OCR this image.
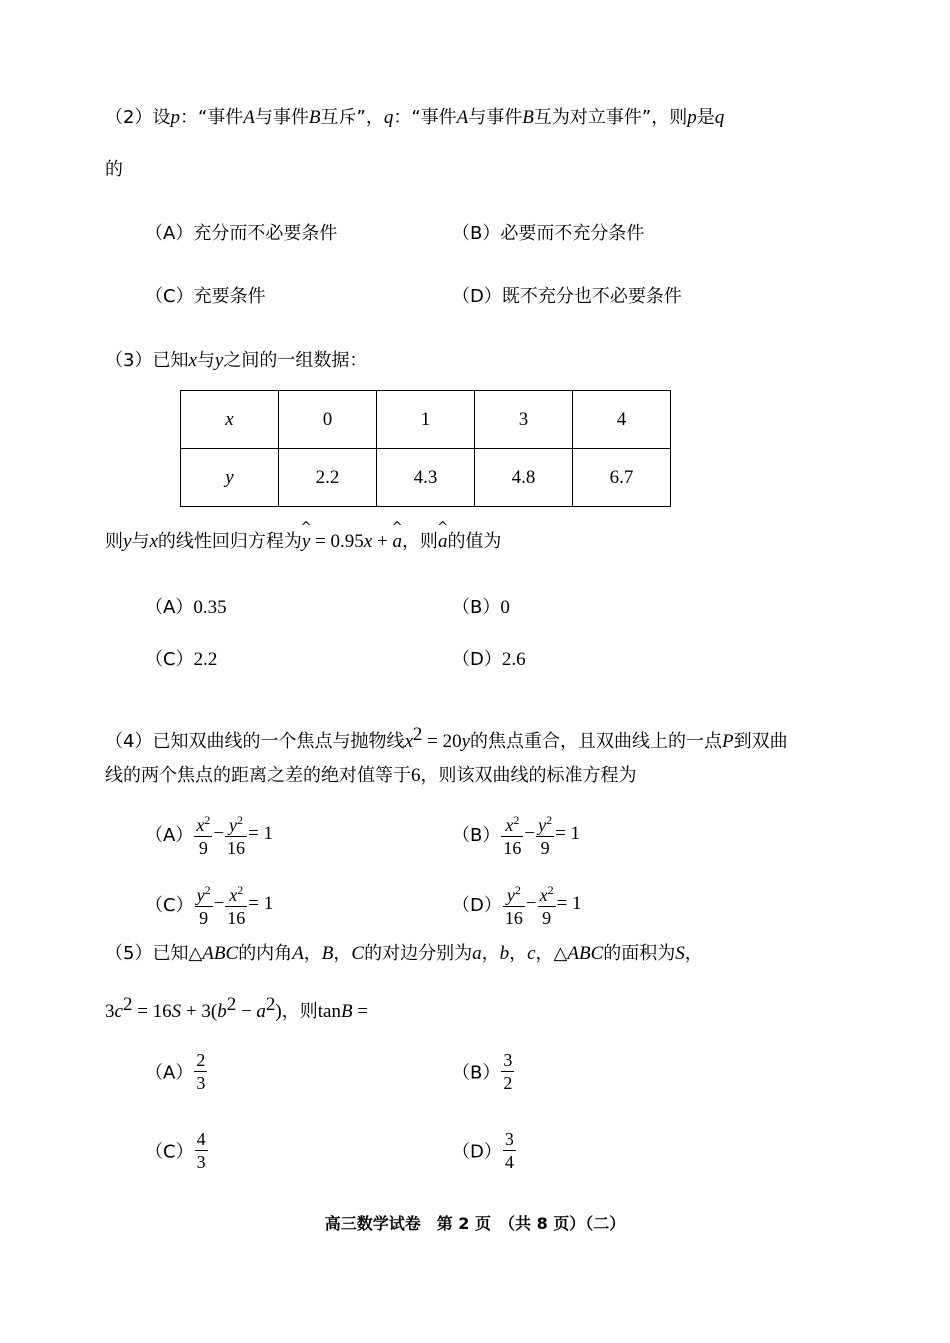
（2）设p：“事件A与事件B互斥”，q：“事件A与事件B互为对立事件”，则p是q
的
（A）充分而不必要条件	（B）必要而不充分条件
（C）充要条件	（D）既不充分也不必要条件
（3）已知x与y之间的一组数据：
x	0	1	3	4
y	2.2	4.3	4.8	6.7
则y与x的线性回归方程为
^
y = 0.95x +
^
a，则
^
a的值为
（A）0.35	（B）0
（C）2.2	（D）2.6
（4）已知双曲线的一个焦点与抛物线$x^2 = 20y$的焦点重合，且双曲线上的一点P到双曲
线的两个焦点的距离之差的绝对值等于6，则该双曲线的标准方程为
$(A) \frac{x^2}{9} - \frac{y^2}{16} = 1$	$(B) \frac{x^2}{16} - \frac{y^2}{9} = 1$
$(C) \frac{y^2}{9} - \frac{x^2}{16} = 1$	$(D) \frac{y^2}{16} - \frac{x^2}{9} = 1$
（5）已知△ABC的内角A，B，C的对边分别为a，b，c，△ABC的面积为S，
$3c^2 = 16S + 3(b^2 - a^2)$，则tanB =
$(A) \frac{2}{3}$	$(B) \frac{3}{2}$
$(C) \frac{4}{3}$	$(D) \frac{3}{4}$
高三数学试卷　第 2 页　（共 8 页）（二）
